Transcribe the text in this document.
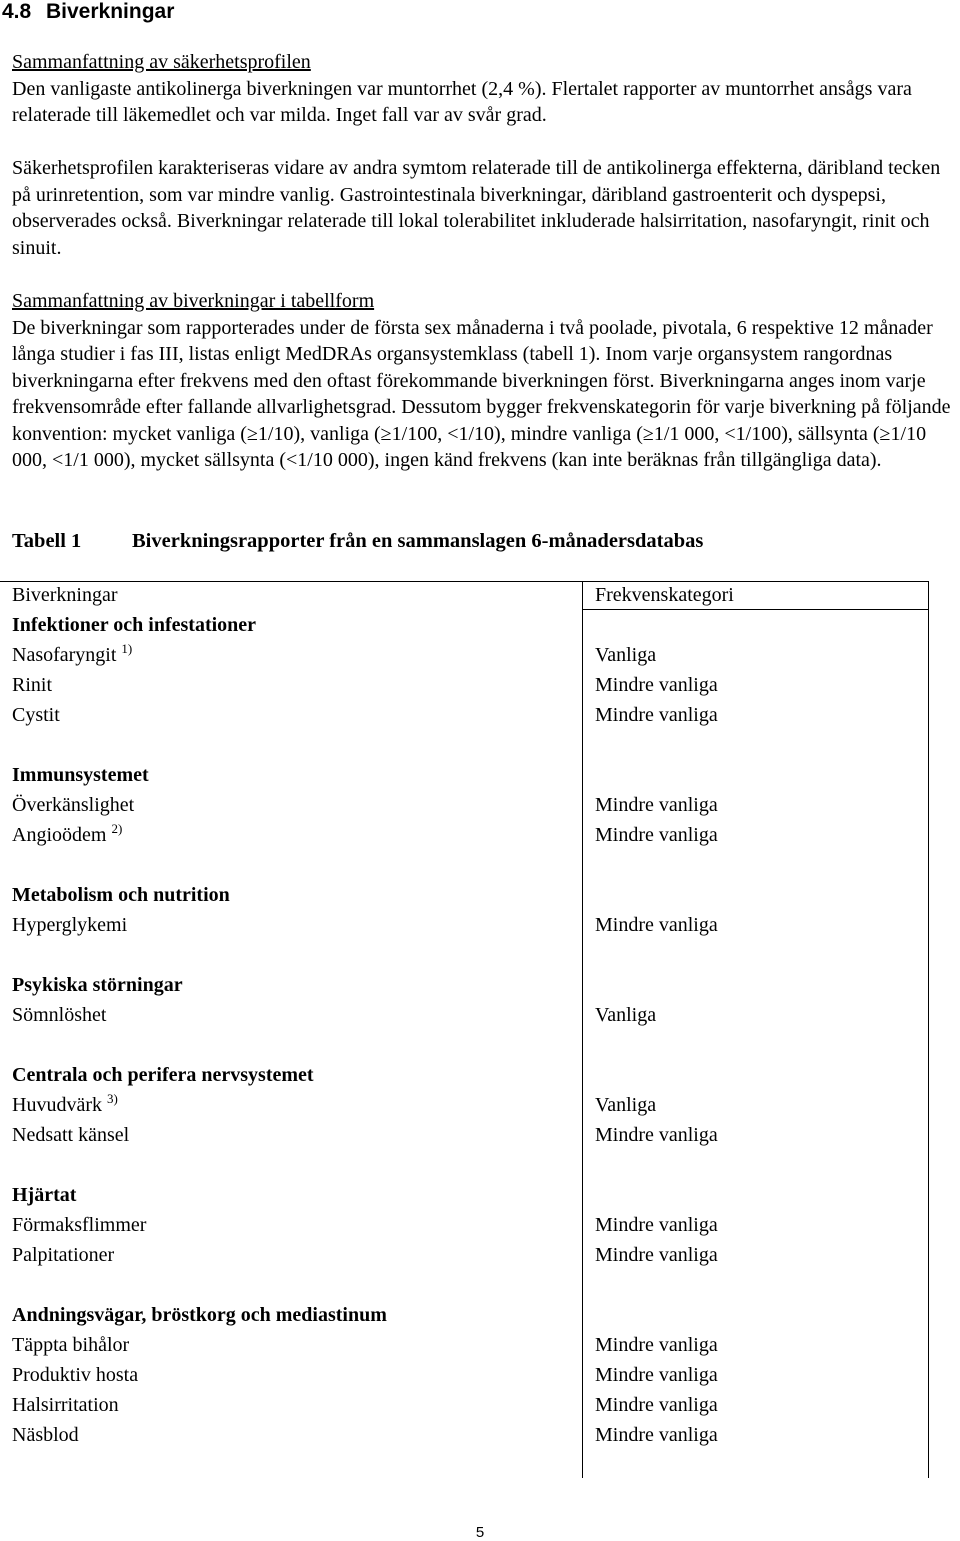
4.8 Biverkningar
Sammanfattning av säkerhetsprofilen
Den vanligaste antikolinerga biverkningen var muntorrhet (2,4 %). Flertalet rapporter av muntorrhet ansågs vara relaterade till läkemedlet och var milda. Inget fall var av svår grad.
Säkerhetsprofilen karakteriseras vidare av andra symtom relaterade till de antikolinerga effekterna, däribland tecken på urinretention, som var mindre vanlig. Gastrointestinala biverkningar, däribland gastroenterit och dyspepsi, observerades också. Biverkningar relaterade till lokal tolerabilitet inkluderade halsirritation, nasofaryngit, rinit och sinuit.
Sammanfattning av biverkningar i tabellform
De biverkningar som rapporterades under de första sex månaderna i två poolade, pivotala, 6 respektive 12 månader långa studier i fas III, listas enligt MedDRAs organsystemklass (tabell 1). Inom varje organsystem rangordnas biverkningarna efter frekvens med den oftast förekommande biverkningen först. Biverkningarna anges inom varje frekvensområde efter fallande allvarlighetsgrad. Dessutom bygger frekvenskategorin för varje biverkning på följande konvention: mycket vanliga (≥1/10), vanliga (≥1/100, <1/10), mindre vanliga (≥1/1 000, <1/100), sällsynta (≥1/10 000, <1/1 000), mycket sällsynta (<1/10 000), ingen känd frekvens (kan inte beräknas från tillgängliga data).
Tabell 1 Biverkningsrapporter från en sammanslagen 6-månadersdatabas
Biverkningar	Frekvenskategori
Infektioner och infestationer
Nasofaryngit $^{1)}$	Vanliga
Rinit	Mindre vanliga
Cystit	Mindre vanliga
Immunsystemet
Överkänslighet	Mindre vanliga
Angioödem $^{2)}$	Mindre vanliga
Metabolism och nutrition
Hyperglykemi	Mindre vanliga
Psykiska störningar
Sömnlöshet	Vanliga
Centrala och perifera nervsystemet
Huvudvärk $^{3)}$	Vanliga
Nedsatt känsel	Mindre vanliga
Hjärtat
Förmaksflimmer	Mindre vanliga
Palpitationer	Mindre vanliga
Andningsvägar, bröstkorg och mediastinum
Täppta bihålor	Mindre vanliga
Produktiv hosta	Mindre vanliga
Halsirritation	Mindre vanliga
Näsblod	Mindre vanliga
5
